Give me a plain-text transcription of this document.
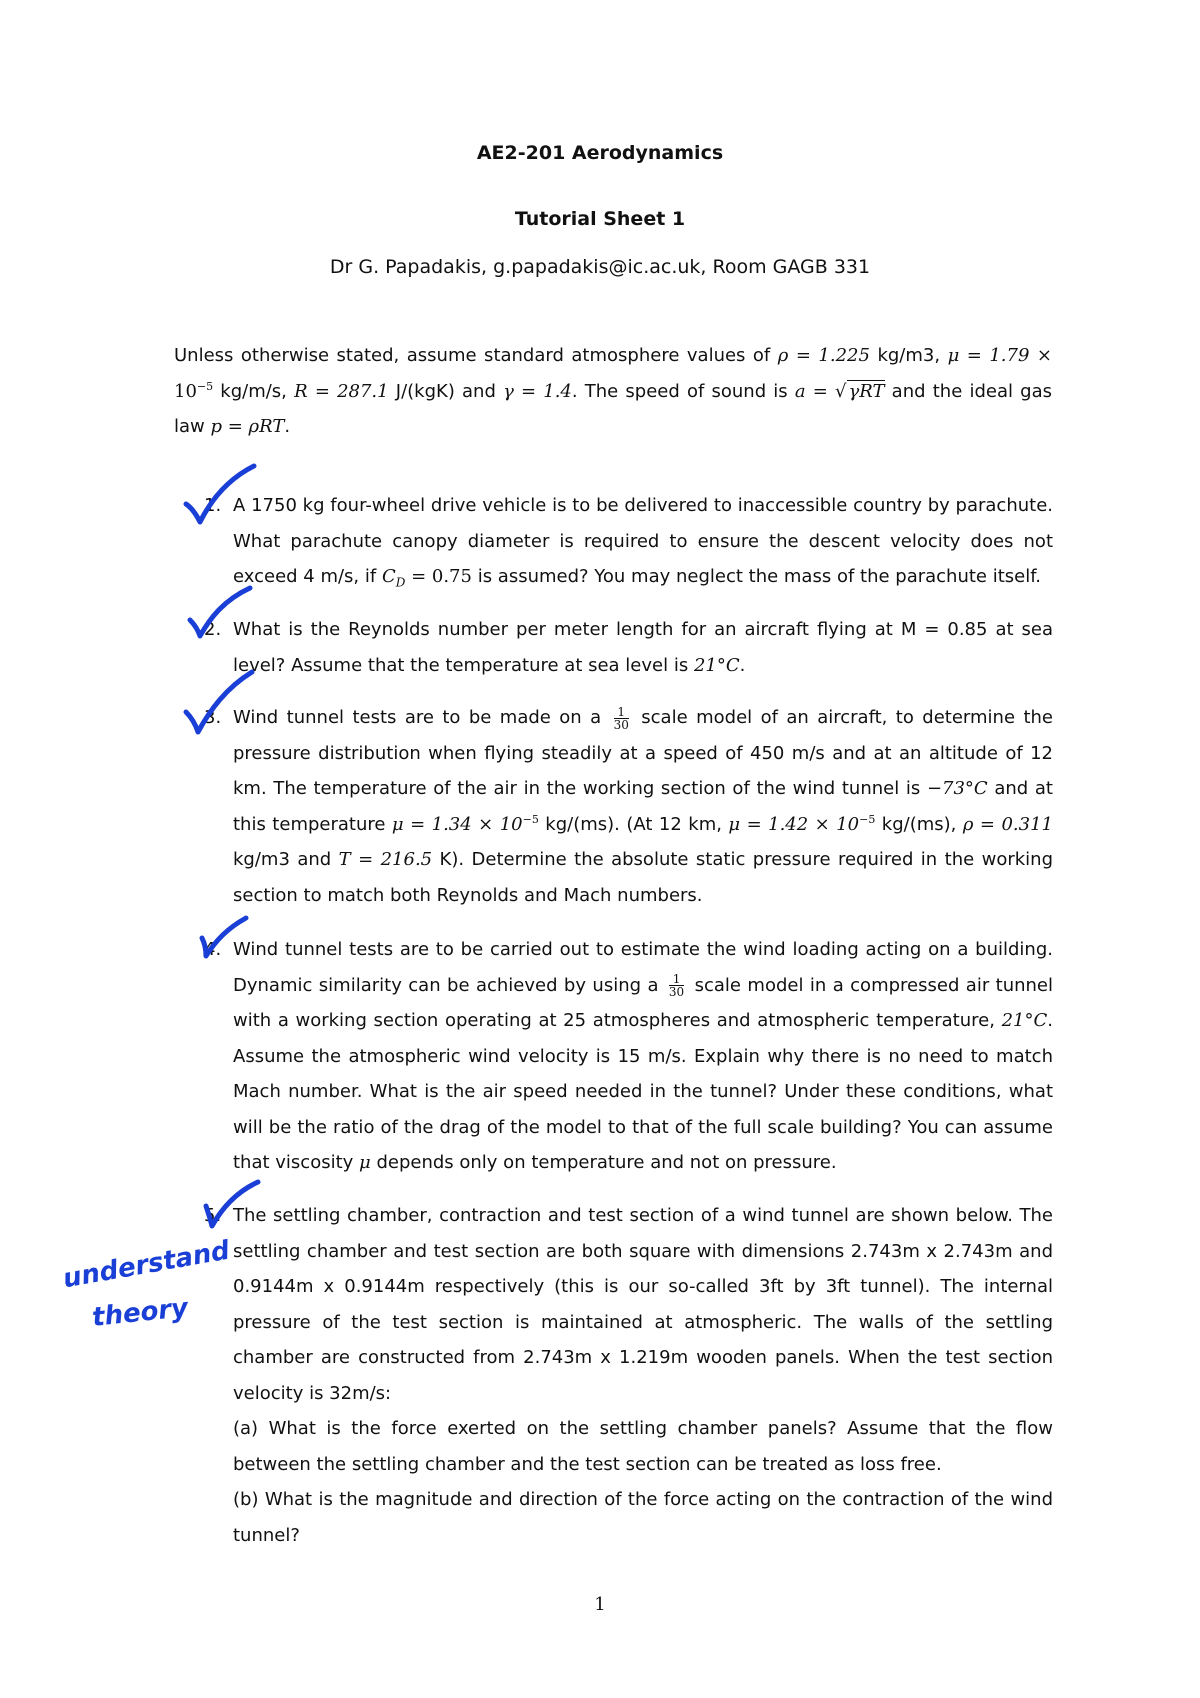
AE2-201 Aerodynamics
Tutorial Sheet 1
Dr G. Papadakis, g.papadakis@ic.ac.uk, Room GAGB 331
Unless otherwise stated, assume standard atmosphere values of ρ = 1.225 kg/m3, $\mu = 1.79 \times 10^{-5}$ kg/m/s, R = 287.1 J/(kgK) and γ = 1.4. The speed of sound is a = √ γRT and the ideal gas law p = ρRT.
1. A 1750 kg four-wheel drive vehicle is to be delivered to inaccessible country by parachute. What parachute canopy diameter is required to ensure the descent velocity does not exceed 4 m/s, if $C_D = 0.75$ is assumed? You may neglect the mass of the parachute itself.
2. What is the Reynolds number per meter length for an aircraft flying at M = 0.85 at sea level? Assume that the temperature at sea level is 21°C.
3. Wind tunnel tests are to be made on a $\frac{1}{30}$ scale model of an aircraft, to determine the pressure distribution when flying steadily at a speed of 450 m/s and at an altitude of 12 km. The temperature of the air in the working section of the wind tunnel is −73°C and at this temperature $\mu = 1.34 \times 10^{-5}$ kg/(ms). (At 12 km, $\mu = 1.42 \times 10^{-5}$ kg/(ms), ρ = 0.311 kg/m3 and T = 216.5 K). Determine the absolute static pressure required in the working section to match both Reynolds and Mach numbers.
4. Wind tunnel tests are to be carried out to estimate the wind loading acting on a building. Dynamic similarity can be achieved by using a $\frac{1}{30}$ scale model in a compressed air tunnel with a working section operating at 25 atmospheres and atmospheric temperature, 21°C. Assume the atmospheric wind velocity is 15 m/s. Explain why there is no need to match Mach number. What is the air speed needed in the tunnel? Under these conditions, what will be the ratio of the drag of the model to that of the full scale building? You can assume that viscosity μ depends only on temperature and not on pressure.
5. The settling chamber, contraction and test section of a wind tunnel are shown below. The settling chamber and test section are both square with dimensions 2.743m x 2.743m and 0.9144m x 0.9144m respectively (this is our so-called 3ft by 3ft tunnel). The internal pressure of the test section is maintained at atmospheric. The walls of the settling chamber are constructed from 2.743m x 1.219m wooden panels. When the test section velocity is 32m/s:

(a) What is the force exerted on the settling chamber panels? Assume that the flow between the settling chamber and the test section can be treated as loss free.

(b) What is the magnitude and direction of the force acting on the contraction of the wind tunnel?

1
understand
theory
